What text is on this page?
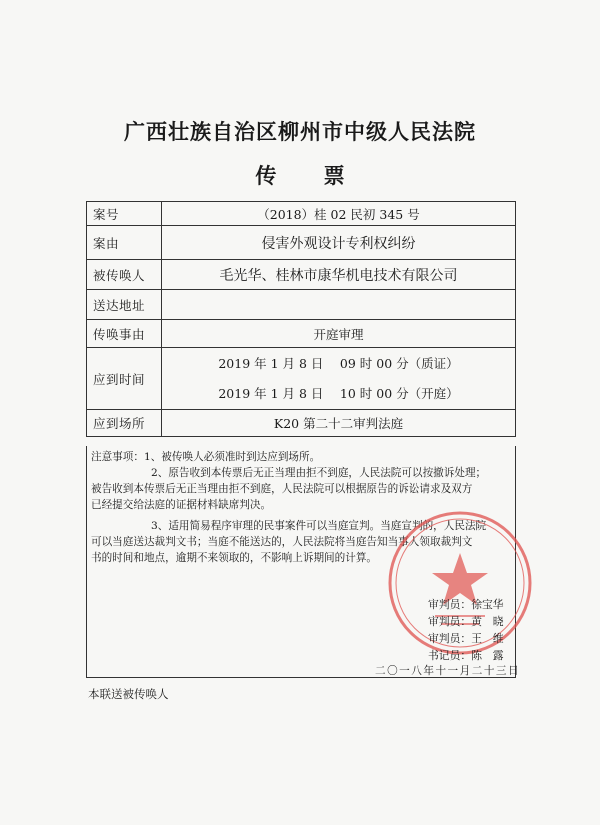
广西壮族自治区柳州市中级人民法院
传 票
案号	（2018）桂 02 民初 345 号
案由	侵害外观设计专利权纠纷
被传唤人	毛光华、桂林市康华机电技术有限公司
送达地址	
传唤事由	开庭审理
应到时间	2019 年 1 月 8 日　 09 时 00 分（质证）
2019 年 1 月 8 日　 10 时 00 分（开庭）

应到场所	K20 第二十二审判法庭
注意事项：1、被传唤人必须准时到达应到场所。
2、原告收到本传票后无正当理由拒不到庭，人民法院可以按撤诉处理；
被告收到本传票后无正当理由拒不到庭，人民法院可以根据原告的诉讼请求及双方
已经提交给法庭的证据材料缺席判决。
3、适用简易程序审理的民事案件可以当庭宣判。当庭宣判的，人民法院
可以当庭送达裁判文书；当庭不能送达的，人民法院将当庭告知当事人领取裁判文
书的时间和地点，逾期不来领取的，不影响上诉期间的计算。
审判员：徐宝华
审判员：黄　晓
审判员：王　维
书记员：陈　露
二〇一八年十一月二十三日
本联送被传唤人
